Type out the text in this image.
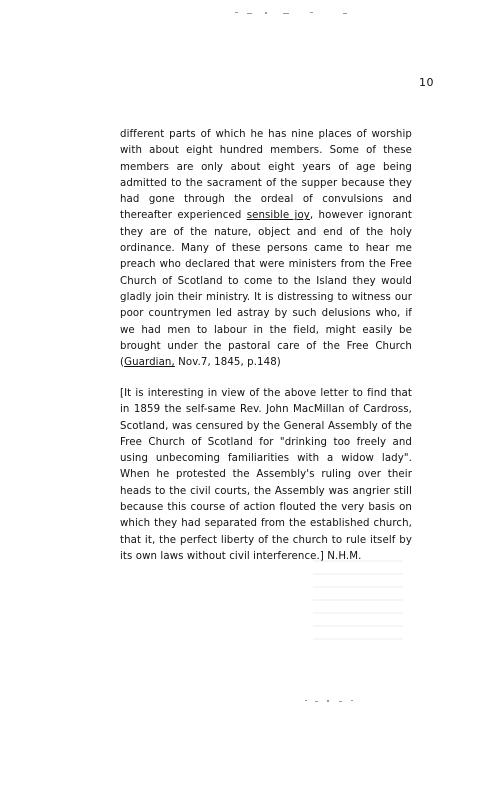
10

different parts of which he has nine places of worship with about eight hundred members. Some of these members are only about eight years of age being admitted to the sacrament of the supper because they had gone through the ordeal of convulsions and thereafter experienced sensible joy, however ignorant they are of the nature, object and end of the holy ordinance. Many of these persons came to hear me preach who declared that were ministers from the Free Church of Scotland to come to the Island they would gladly join their ministry. It is distressing to witness our poor countrymen led astray by such delusions who, if we had men to labour in the field, might easily be brought under the pastoral care of the Free Church (Guardian, Nov.7, 1845, p.148)

[It is interesting in view of the above letter to find that in 1859 the self-same Rev. John MacMillan of Cardross, Scotland, was censured by the General Assembly of the Free Church of Scotland for "drinking too freely and using unbecoming familiarities with a widow lady". When he protested the Assembly's ruling over their heads to the civil courts, the Assembly was angrier still because this course of action flouted the very basis on which they had separated from the established church, that it, the perfect liberty of the church to rule itself by its own laws without civil interference.] N.H.M.
